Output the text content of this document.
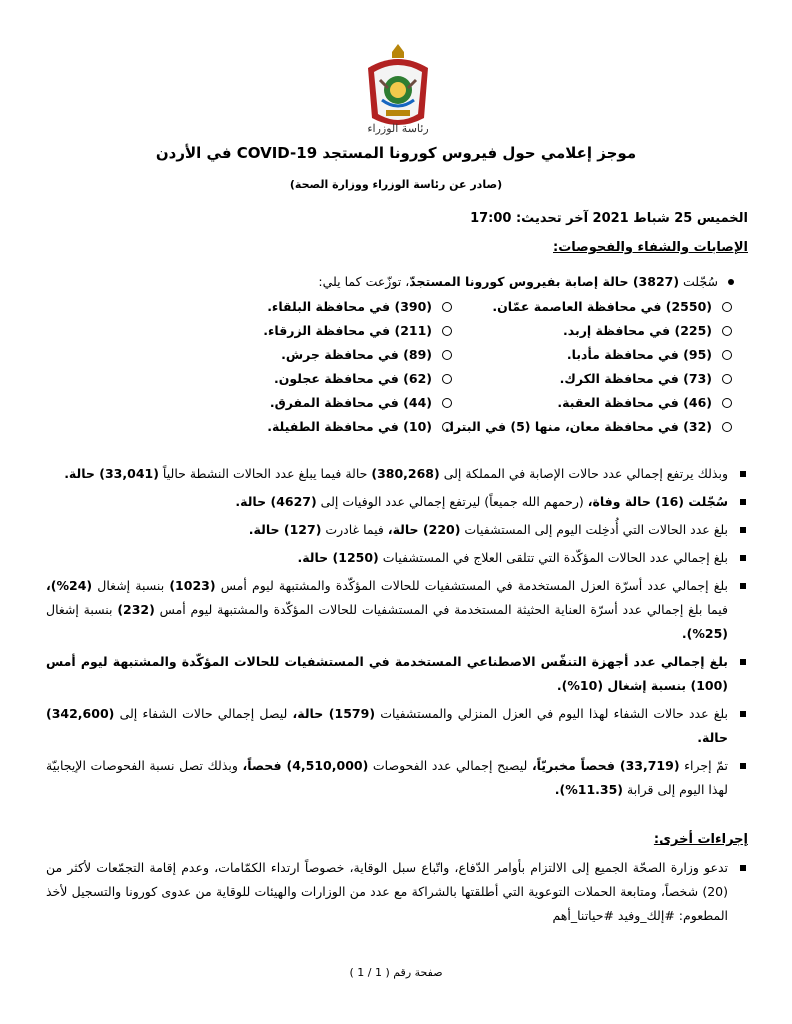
رئاسة الوزراء
موجز إعلامي حول فيروس كورونا المستجد COVID-19 في الأردن
(صادر عن رئاسة الوزراء ووزارة الصحة)
الخميس 25 شباط 2021 آخر تحديث: 17:00
الإصابات والشفاء والفحوصات:
سُجّلت (3827) حالة إصابة بفيروس كورونا المستجدّ، توزّعت كما يلي:
(2550) في محافظة العاصمة عمّان.
(390) في محافظة البلقاء.
(225) في محافظة إربد.
(211) في محافظة الزرقاء.
(95) في محافظة مأدبا.
(89) في محافظة جرش.
(73) في محافظة الكرك.
(62) في محافظة عجلون.
(46) في محافظة العقبة.
(44) في محافظة المفرق.
(32) في محافظة معان، منها (5) في البترا.
(10) في محافظة الطفيلة.
وبذلك يرتفع إجمالي عدد حالات الإصابة في المملكة إلى (380,268) حالة فيما يبلغ عدد الحالات النشطة حالياً (33,041) حالة.
سُجّلت (16) حالة وفاة، (رحمهم الله جميعاً) ليرتفع إجمالي عدد الوفيات إلى (4627) حالة.
بلغ عدد الحالات التي أُدخِلت اليوم إلى المستشفيات (220) حالة، فيما غادرت (127) حالة.
بلغ إجمالي عدد الحالات المؤكّدة التي تتلقى العلاج في المستشفيات (1250) حالة.
بلغ إجمالي عدد أسرّة العزل المستخدمة في المستشفيات للحالات المؤكّدة والمشتبهة ليوم أمس (1023) بنسبة إشغال (24%)، فيما بلغ إجمالي عدد أسرّة العناية الحثيثة المستخدمة في المستشفيات للحالات المؤكّدة والمشتبهة ليوم أمس (232) بنسبة إشغال (25%).
بلغ إجمالي عدد أجهزة التنفّس الاصطناعي المستخدمة في المستشفيات للحالات المؤكّدة والمشتبهة ليوم أمس (100) بنسبة إشغال (10%).
بلغ عدد حالات الشفاء لهذا اليوم في العزل المنزلي والمستشفيات (1579) حالة، ليصل إجمالي حالات الشفاء إلى (342,600) حالة.
تمّ إجراء (33,719) فحصاً مخبريّاً، ليصبح إجمالي عدد الفحوصات (4,510,000) فحصاً، وبذلك تصل نسبة الفحوصات الإيجابيّة لهذا اليوم إلى قرابة (11.35%).
إجراءات أخرى:
تدعو وزارة الصحّة الجميع إلى الالتزام بأوامر الدّفاع، واتّباع سبل الوقاية، خصوصاً ارتداء الكمّامات، وعدم إقامة التجمّعات لأكثر من (20) شخصاً، ومتابعة الحملات التوعوية التي أطلقتها بالشراكة مع عدد من الوزارات والهيئات للوقاية من عدوى كورونا والتسجيل لأخذ المطعوم: #إلك_وفيد #حياتنا_أهم
صفحة رقم ( 1 / 1 )
